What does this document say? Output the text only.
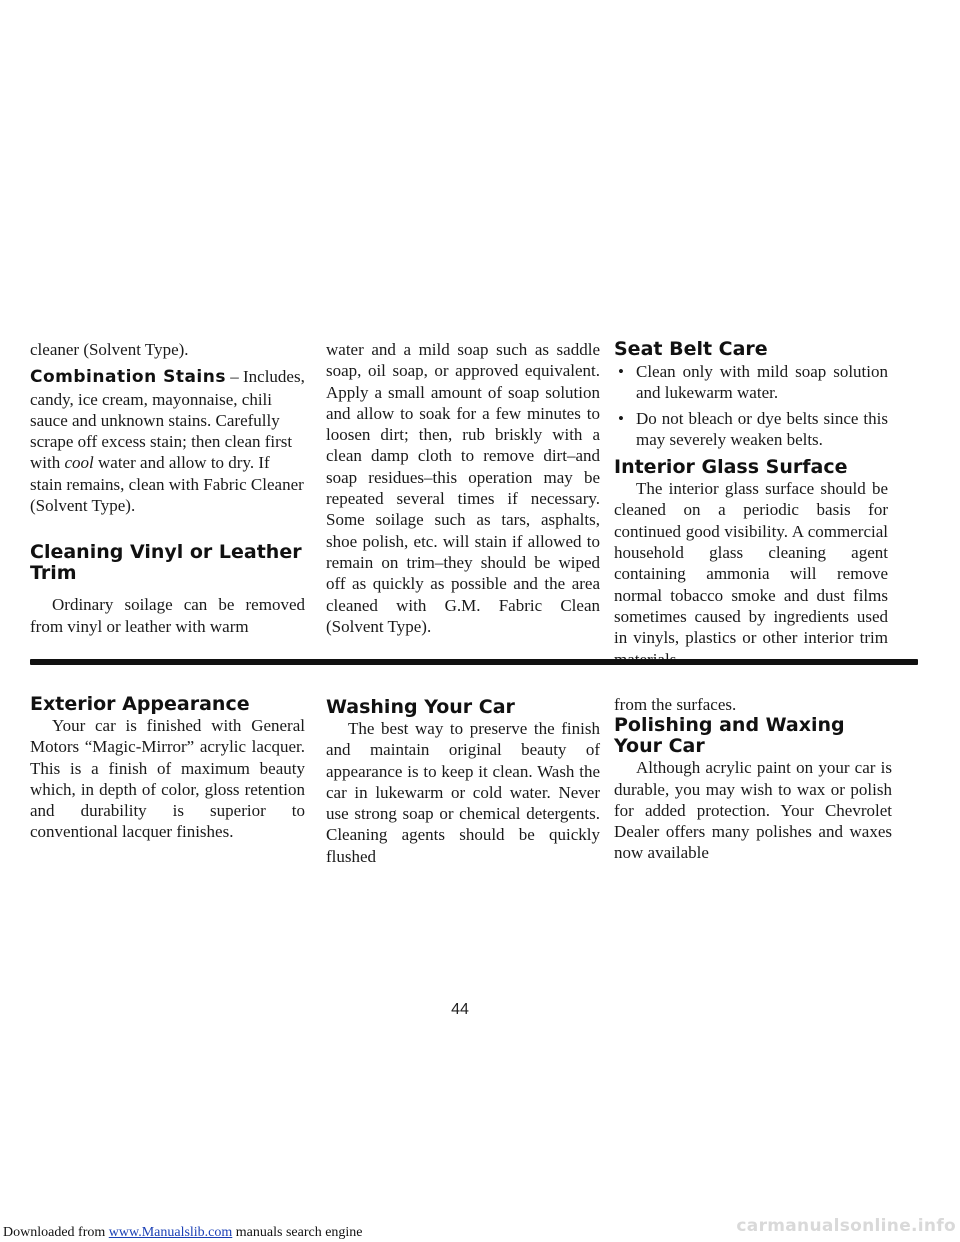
cleaner (Solvent Type).

Combination Stains – Includes, candy, ice cream, mayonnaise, chili sauce and unknown stains. Carefully scrape off excess stain; then clean first with cool water and allow to dry. If stain remains, clean with Fabric Cleaner (Solvent Type).

Cleaning Vinyl or Leather Trim

Ordinary soilage can be removed from vinyl or leather with warm

water and a mild soap such as saddle soap, oil soap, or approved equivalent. Apply a small amount of soap solution and allow to soak for a few minutes to loosen dirt; then, rub briskly with a clean damp cloth to remove dirt–and soap residues–this operation may be repeated several times if necessary. Some soilage such as tars, asphalts, shoe polish, etc. will stain if allowed to remain on trim–they should be wiped off as quickly as possible and the area cleaned with G.M. Fabric Clean (Solvent Type).

Seat Belt Care
• Clean only with mild soap solution and lukewarm water.
• Do not bleach or dye belts since this may severely weaken belts.
Interior Glass Surface

The interior glass surface should be cleaned on a periodic basis for continued good visibility. A commercial household glass cleaning agent containing ammonia will remove normal tobacco smoke and dust films sometimes caused by ingredients used in vinyls, plastics or other interior trim

Exterior Appearance

Your car is finished with General Motors “Magic-Mirror” acrylic lacquer. This is a finish of maximum beauty which, in depth of color, gloss retention and durability is superior to conventional lacquer finishes.

Washing Your Car

The best way to preserve the finish and maintain original beauty of appearance is to keep it clean. Wash the car in lukewarm or cold water. Never use strong soap or chemical detergents. Cleaning agents should be quickly flushed

from the surfaces.

Polishing and Waxing Your Car

Although acrylic paint on your car is durable, you may wish to wax or polish for added protection. Your Chevrolet Dealer offers many polishes and waxes now available

44
Downloaded from www.Manualslib.com manuals search engine	carmanualsonline.info
